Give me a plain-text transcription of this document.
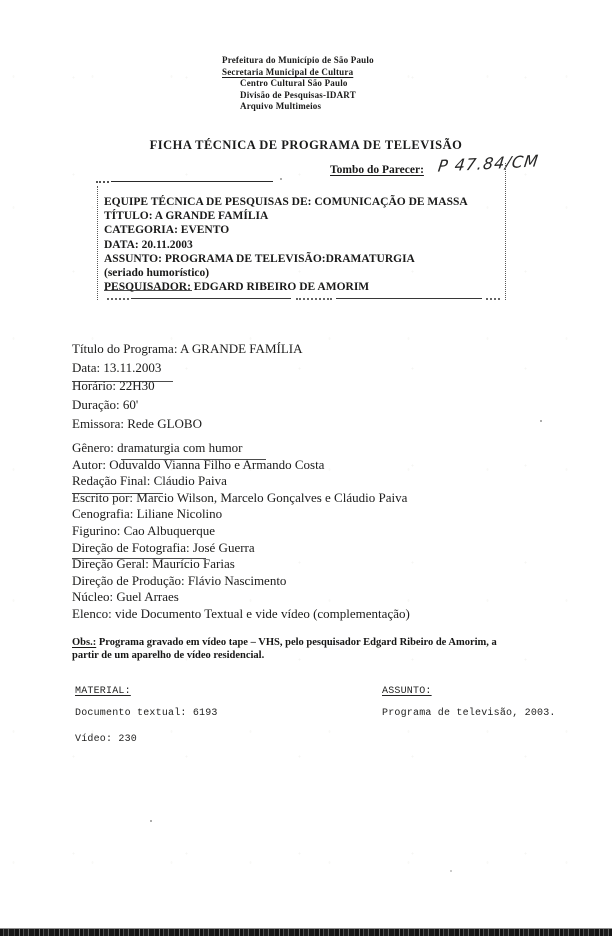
Prefeitura do Município de São Paulo
Secretaria Municipal de Cultura
Centro Cultural São Paulo
Divisão de Pesquisas-IDART
Arquivo Multimeios
FICHA TÉCNICA DE PROGRAMA DE TELEVISÃO
Tombo do Parecer: P 47.84/CM
EQUIPE TÉCNICA DE PESQUISAS DE: COMUNICAÇÃO DE MASSA
TÍTULO: A GRANDE FAMÍLIA
CATEGORIA: EVENTO
DATA: 20.11.2003
ASSUNTO: PROGRAMA DE TELEVISÃO:DRAMATURGIA (seriado humorístico)
PESQUISADOR: EDGARD RIBEIRO DE AMORIM
Título do Programa: A GRANDE FAMÍLIA
Data: 13.11.2003
Horário: 22H30
Duração: 60'
Emissora: Rede GLOBO
Gênero: dramaturgia com humor
Autor: Oduvaldo Vianna Filho e Armando Costa
Redação Final: Cláudio Paiva
Escrito por: Marcio Wilson, Marcelo Gonçalves e Cláudio Paiva
Cenografia: Liliane Nicolino
Figurino: Cao Albuquerque
Direção de Fotografia: José Guerra
Direção Geral: Maurício Farias
Direção de Produção: Flávio Nascimento
Núcleo: Guel Arraes
Elenco: vide Documento Textual e vide vídeo (complementação)

Obs.: Programa gravado em vídeo tape – VHS, pelo pesquisador Edgard Ribeiro de Amorim, a partir de um aparelho de vídeo residencial.

MATERIAL:
Documento textual: 6193
Vídeo: 230
ASSUNTO:
Programa de televisão, 2003.
